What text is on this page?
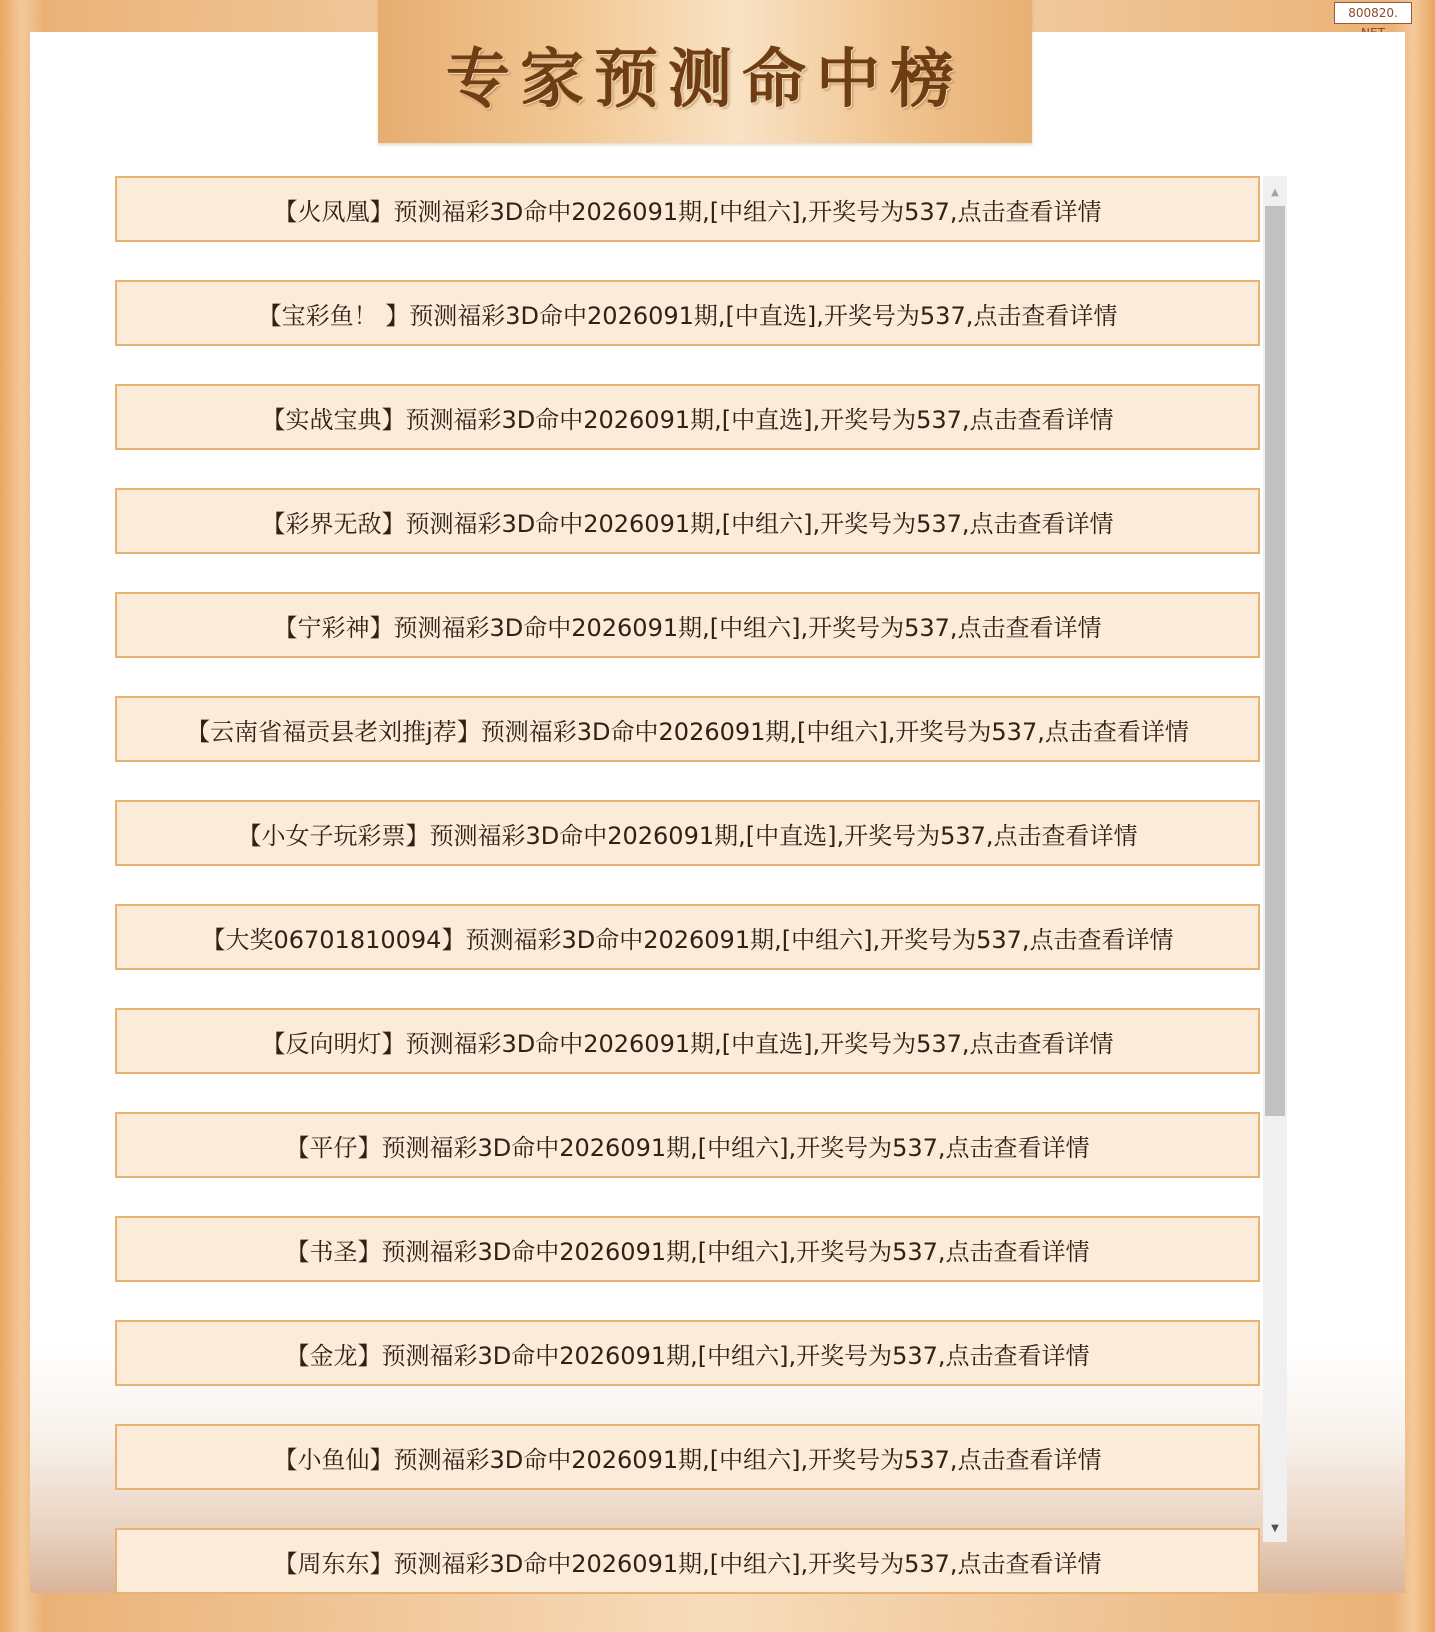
800820.
专家预测命中榜
【火凤凰】预测福彩3D命中2026091期,[中组六],开奖号为537,点击查看详情
【宝彩鱼！ 】预测福彩3D命中2026091期,[中直选],开奖号为537,点击查看详情
【实战宝典】预测福彩3D命中2026091期,[中直选],开奖号为537,点击查看详情
【彩界无敌】预测福彩3D命中2026091期,[中组六],开奖号为537,点击查看详情
【宁彩神】预测福彩3D命中2026091期,[中组六],开奖号为537,点击查看详情
【云南省福贡县老刘推j荐】预测福彩3D命中2026091期,[中组六],开奖号为537,点击查看详情
【小女子玩彩票】预测福彩3D命中2026091期,[中直选],开奖号为537,点击查看详情
【大奖06701810094】预测福彩3D命中2026091期,[中组六],开奖号为537,点击查看详情
【反向明灯】预测福彩3D命中2026091期,[中直选],开奖号为537,点击查看详情
【平仔】预测福彩3D命中2026091期,[中组六],开奖号为537,点击查看详情
【书圣】预测福彩3D命中2026091期,[中组六],开奖号为537,点击查看详情
【金龙】预测福彩3D命中2026091期,[中组六],开奖号为537,点击查看详情
【小鱼仙】预测福彩3D命中2026091期,[中组六],开奖号为537,点击查看详情
【周东东】预测福彩3D命中2026091期,[中组六],开奖号为537,点击查看详情
▲
▼
